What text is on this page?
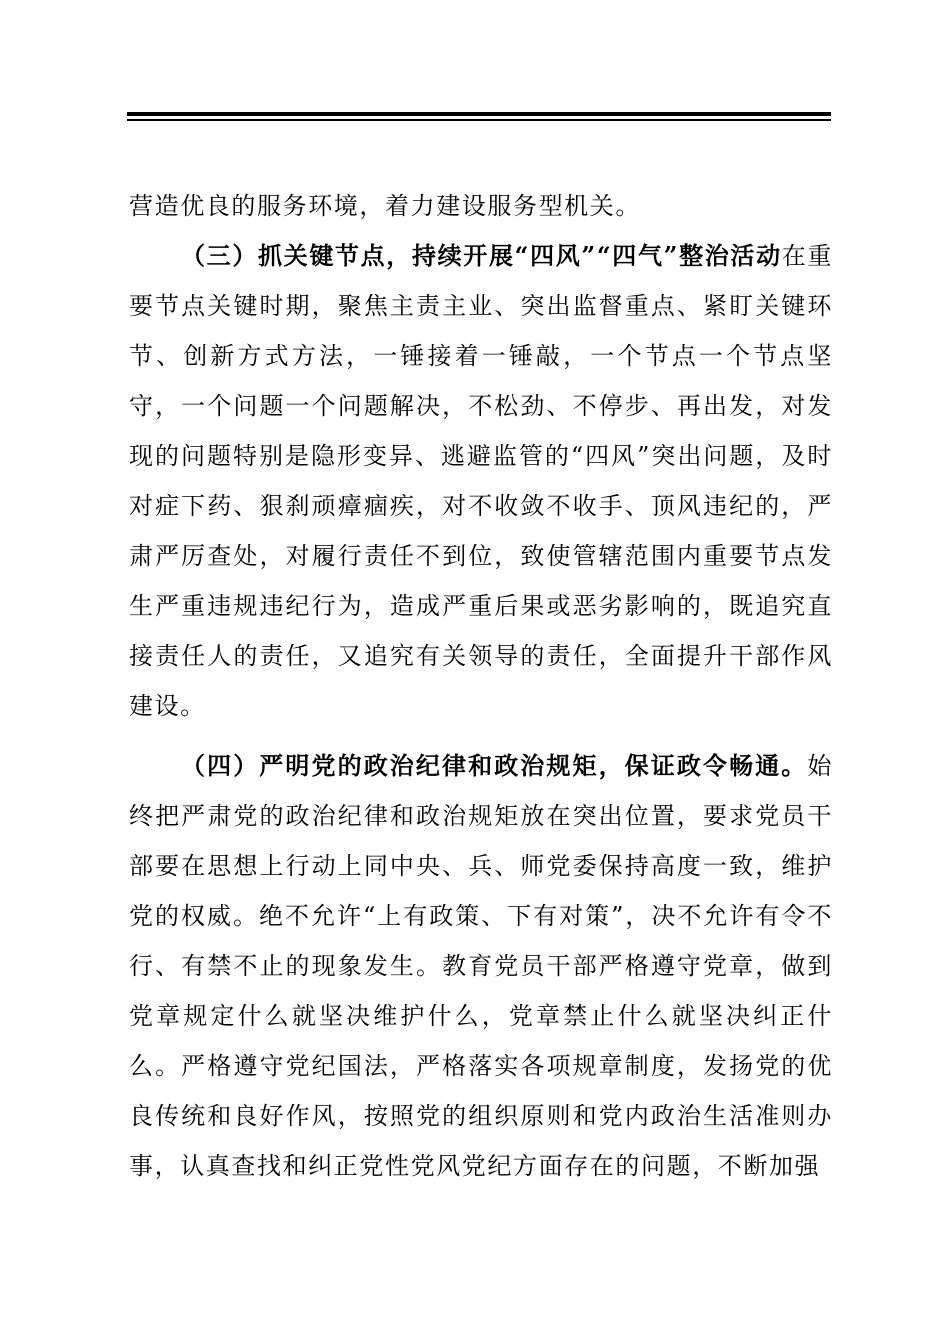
营造优良的服务环境，着力建设服务型机关。

（三）抓关键节点，持续开展“四风”“四气”整治活动在重要节点关键时期，聚焦主责主业、突出监督重点、紧盯关键环节、创新方式方法，一锤接着一锤敲，一个节点一个节点坚守，一个问题一个问题解决，不松劲、不停步、再出发，对发现的问题特别是隐形变异、逃避监管的“四风”突出问题，及时对症下药、狠刹顽瘴痼疾，对不收敛不收手、顶风违纪的，严肃严厉查处，对履行责任不到位，致使管辖范围内重要节点发生严重违规违纪行为，造成严重后果或恶劣影响的，既追究直接责任人的责任，又追究有关领导的责任，全面提升干部作风建设。

（四）严明党的政治纪律和政治规矩，保证政令畅通。始终把严肃党的政治纪律和政治规矩放在突出位置，要求党员干部要在思想上行动上同中央、兵、师党委保持高度一致，维护党的权威。绝不允许“上有政策、下有对策”，决不允许有令不行、有禁不止的现象发生。教育党员干部严格遵守党章，做到党章规定什么就坚决维护什么，党章禁止什么就坚决纠正什么。严格遵守党纪国法，严格落实各项规章制度，发扬党的优良传统和良好作风，按照党的组织原则和党内政治生活准则办事，认真查找和纠正党性党风党纪方面存在的问题，不断加强
